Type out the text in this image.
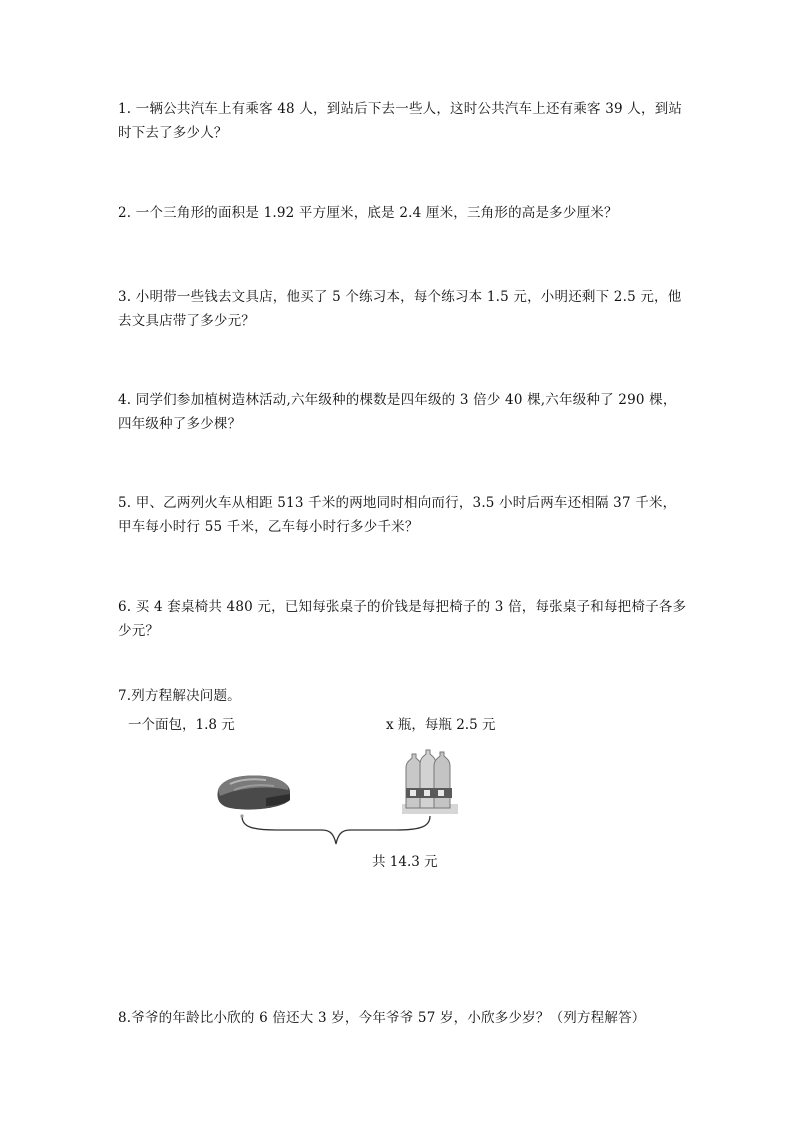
1. 一辆公共汽车上有乘客 48 人，到站后下去一些人，这时公共汽车上还有乘客 39 人，到站时下去了多少人？
2. 一个三角形的面积是 1.92 平方厘米，底是 2.4 厘米，三角形的高是多少厘米？
3. 小明带一些钱去文具店，他买了 5 个练习本，每个练习本 1.5 元，小明还剩下 2.5 元，他去文具店带了多少元？
4. 同学们参加植树造林活动,六年级种的棵数是四年级的 3 倍少 40 棵,六年级种了 290 棵，四年级种了多少棵？
5. 甲、乙两列火车从相距 513 千米的两地同时相向而行，3.5 小时后两车还相隔 37 千米，甲车每小时行 55 千米，乙车每小时行多少千米？
6. 买 4 套桌椅共 480 元，已知每张桌子的价钱是每把椅子的 3 倍，每张桌子和每把椅子各多少元？
7.列方程解决问题。
一个面包，1.8 元	x 瓶，每瓶 2.5 元
共 14.3 元
8.爷爷的年龄比小欣的 6 倍还大 3 岁，今年爷爷 57 岁，小欣多少岁？（列方程解答）
